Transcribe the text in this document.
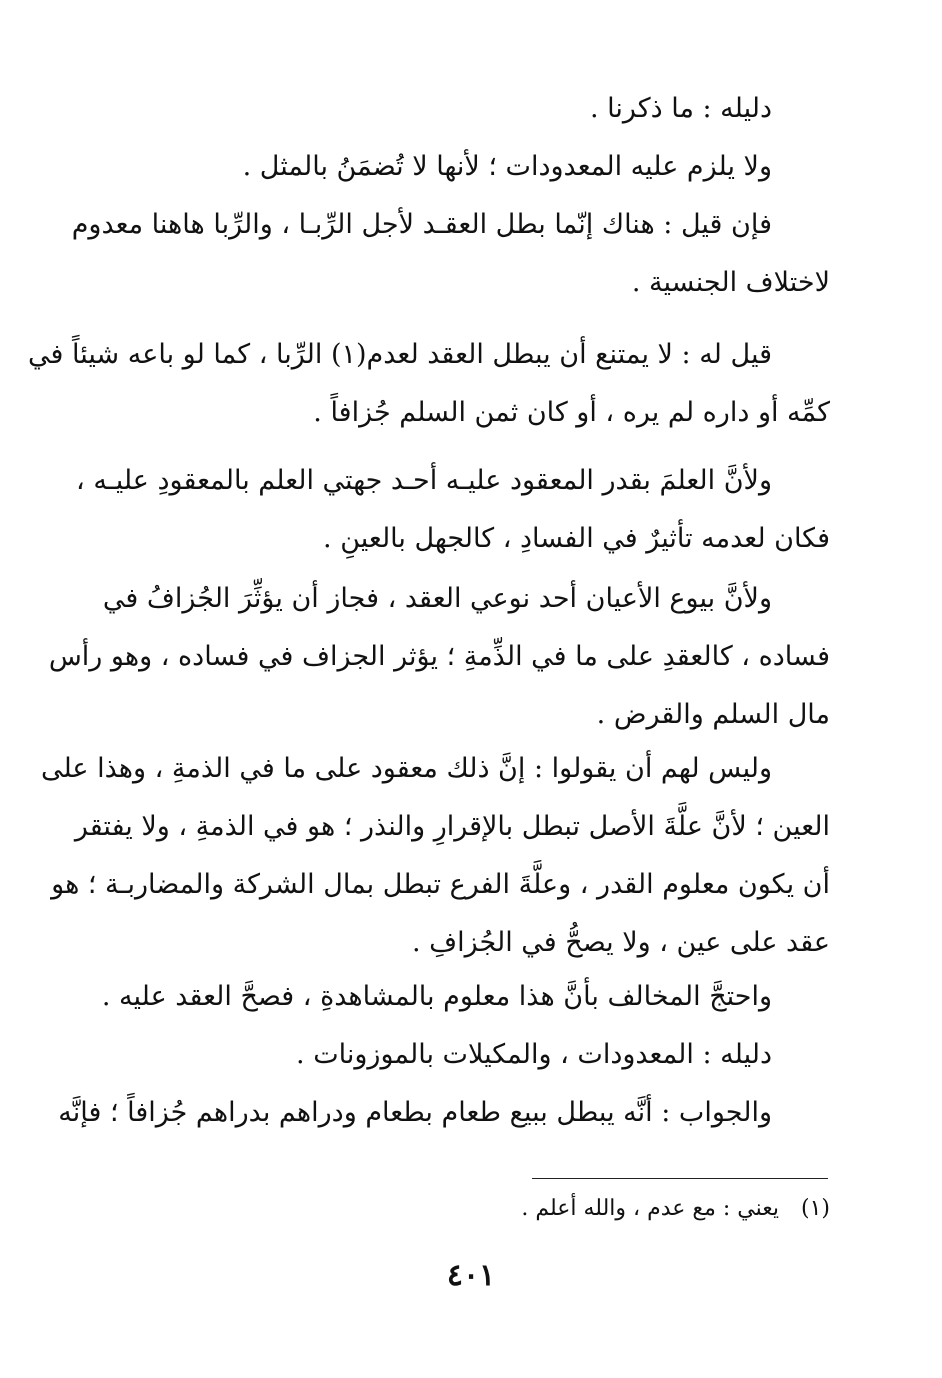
دليله : ما ذكرنا .
ولا يلزم عليه المعدودات ؛ لأنها لا تُضمَنُ بالمثل .
فإن قيل : هناك إنّما بطل العقـد لأجل الرِّبـا ، والرِّبا هاهنا معدوم
لاختلاف الجنسية .
قيل له : لا يمتنع أن يبطل العقد لعدم(١) الرِّبا ، كما لو باعه شيئاً في
كمِّه أو داره لم يره ، أو كان ثمن السلم جُزافاً .
ولأنَّ العلمَ بقدر المعقود عليـه أحـد جهتي العلم بالمعقودِ عليـه ،
فكان لعدمه تأثيرٌ في الفسادِ ، كالجهل بالعينِ .
ولأنَّ بيوع الأعيان أحد نوعي العقد ، فجاز أن يؤثِّرَ الجُزافُ في
فساده ، كالعقدِ على ما في الذِّمةِ ؛ يؤثر الجزاف في فساده ، وهو رأس
مال السلم والقرض .
وليس لهم أن يقولوا : إنَّ ذلك معقود على ما في الذمةِ ، وهذا على
العين ؛ لأنَّ علَّةَ الأصل تبطل بالإقرارِ والنذر ؛ هو في الذمةِ ، ولا يفتقر
أن يكون معلوم القدر ، وعلَّةَ الفرع تبطل بمال الشركة والمضاربـة ؛ هو
عقد على عين ، ولا يصحُّ في الجُزافِ .
واحتجَّ المخالف بأنَّ هذا معلوم بالمشاهدةِ ، فصحَّ العقد عليه .
دليله : المعدودات ، والمكيلات بالموزونات .
والجواب : أنَّه يبطل ببيع طعام بطعام ودراهم بدراهم جُزافاً ؛ فإنَّه
(١)يعني : مع عدم ، والله أعلم .
٤٠١
